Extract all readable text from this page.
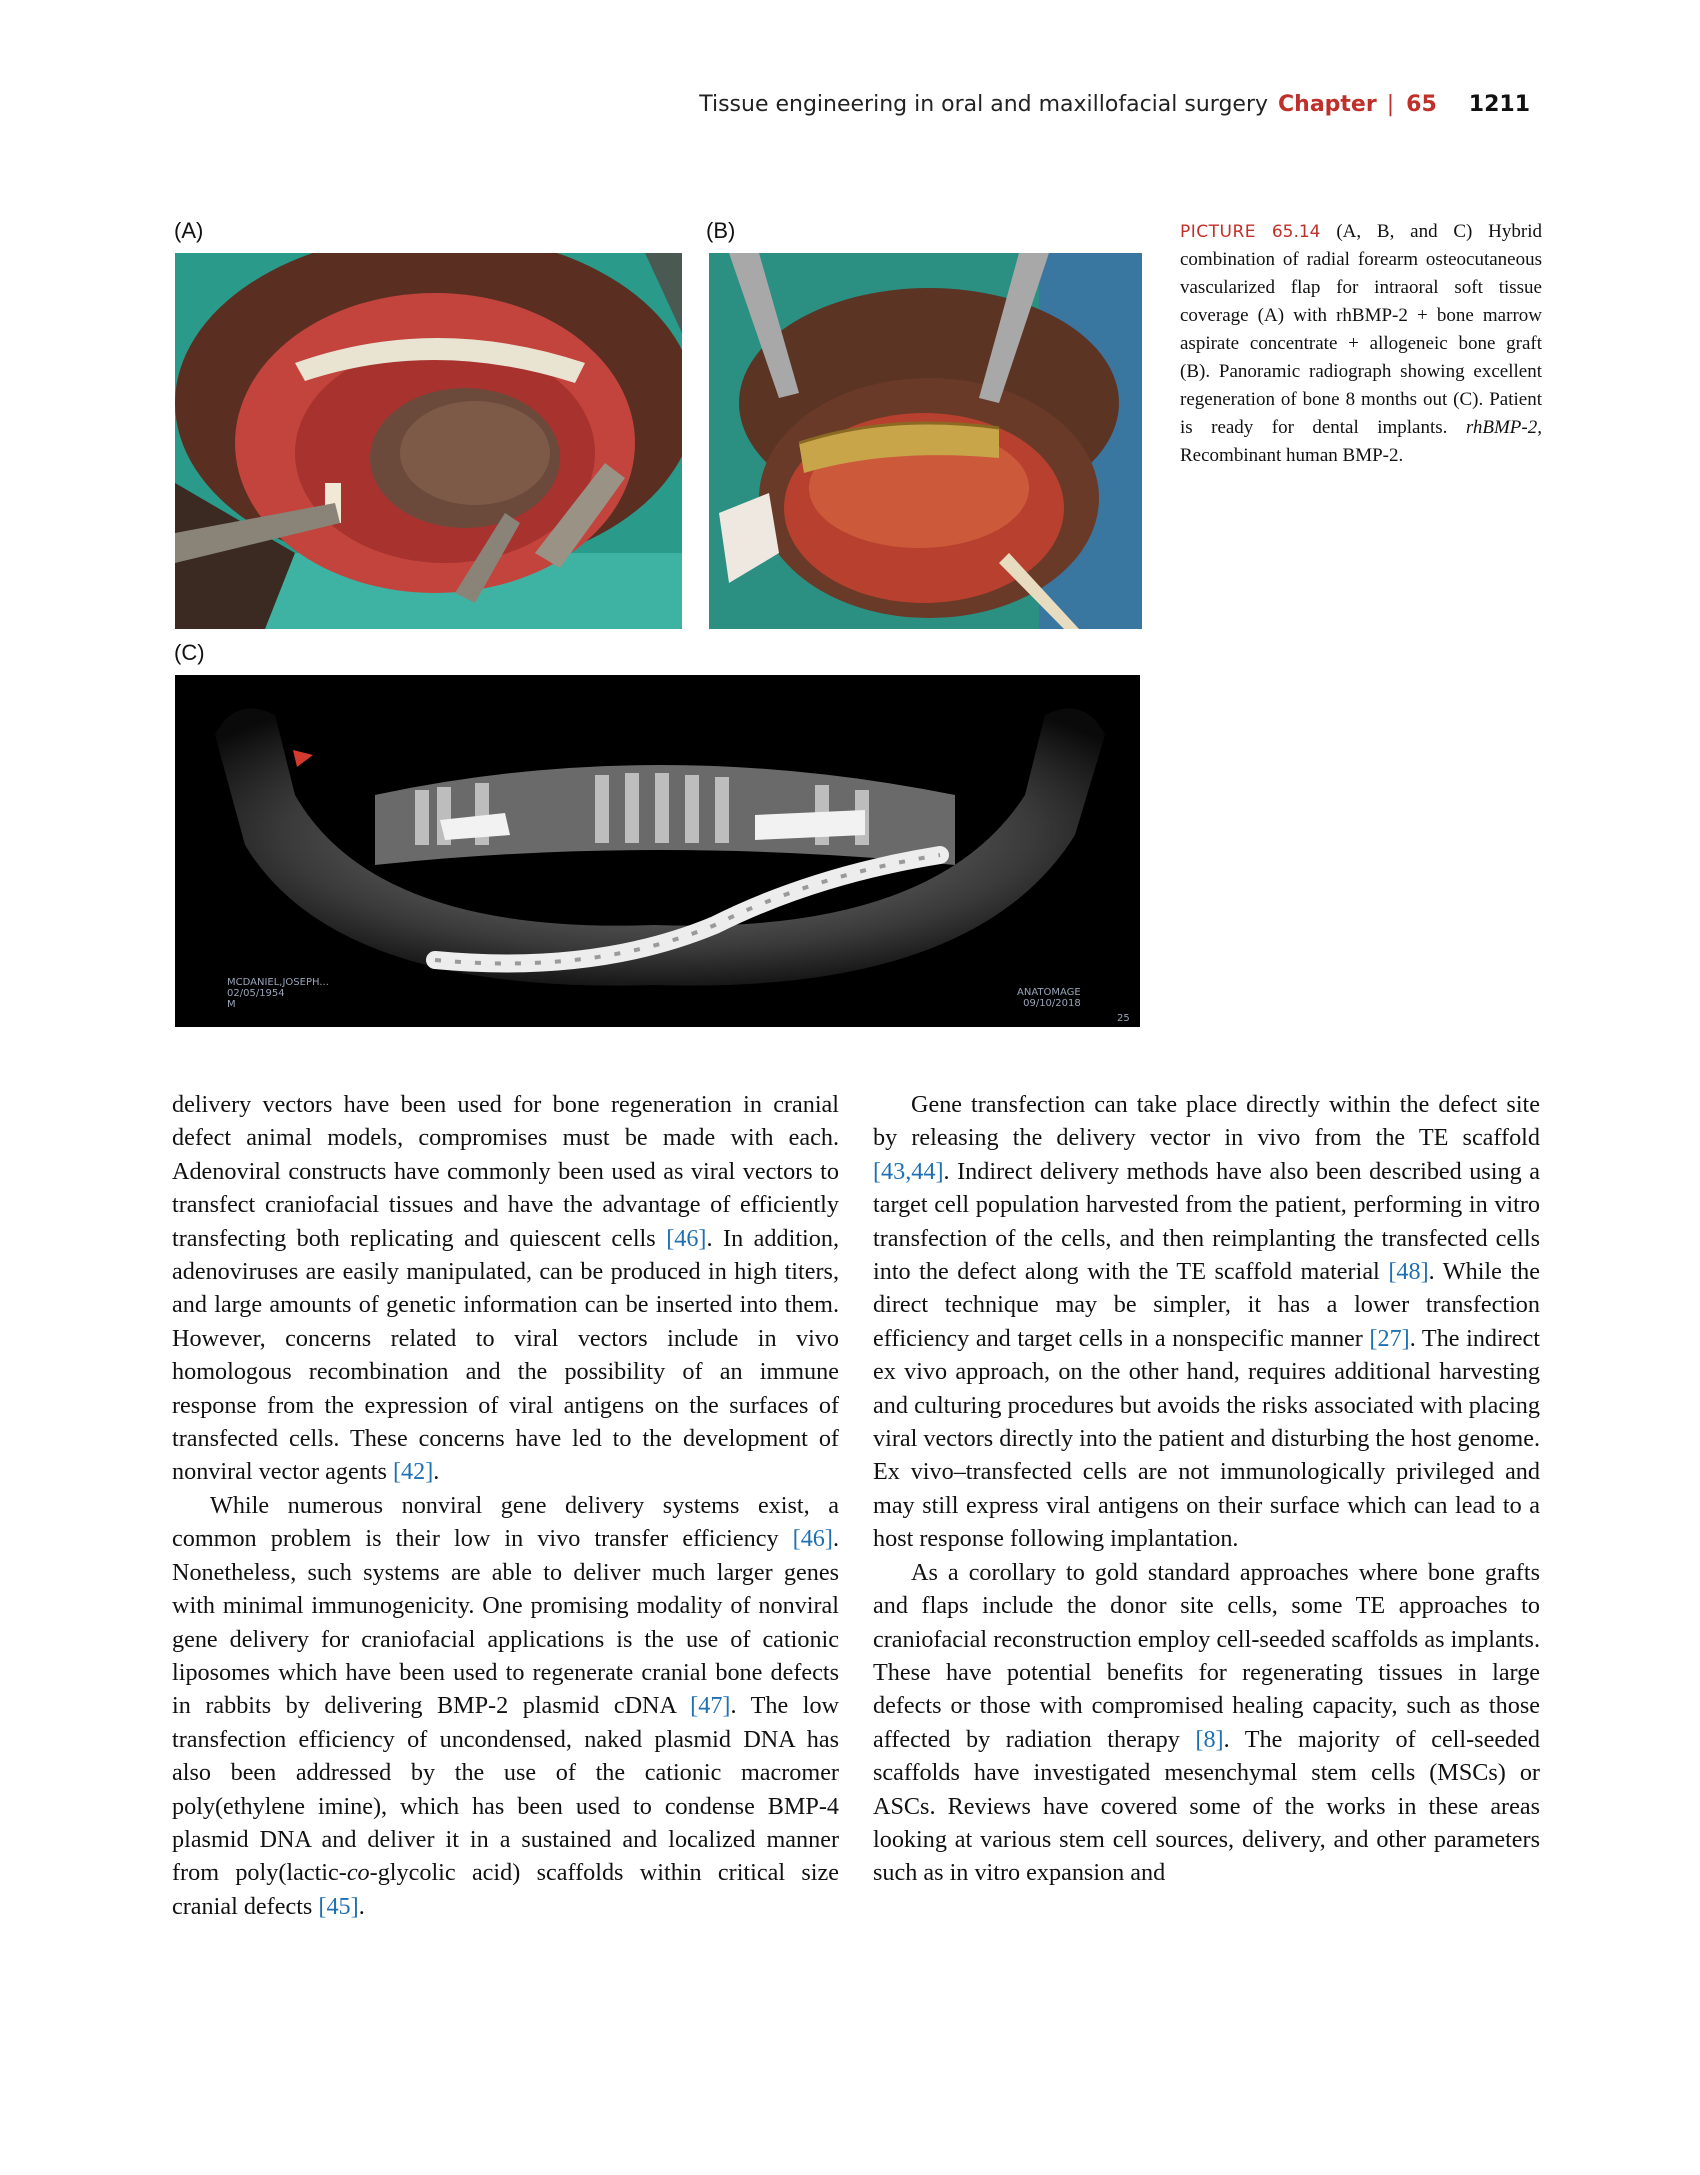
Tissue engineering in oral and maxillofacial surgery Chapter | 65 1211
(A)	(B)
(C)
MCDANIEL,JOSEPH...
02/05/1954
M
ANATOMAGE
09/10/2018
25
PICTURE 65.14 (A, B, and C) Hybrid combination of radial forearm osteocutaneous vascularized flap for intraoral soft tissue coverage (A) with rhBMP-2 + bone marrow aspirate concentrate + allogeneic bone graft (B). Panoramic radiograph showing excellent regeneration of bone 8 months out (C). Patient is ready for dental implants. rhBMP-2, Recombinant human BMP-2.

delivery vectors have been used for bone regeneration in cranial defect animal models, compromises must be made with each. Adenoviral constructs have commonly been used as viral vectors to transfect craniofacial tissues and have the advantage of efficiently transfecting both replicating and quiescent cells [46]. In addition, adenoviruses are easily manipulated, can be produced in high titers, and large amounts of genetic information can be inserted into them. However, concerns related to viral vectors include in vivo homologous recombination and the possibility of an immune response from the expression of viral antigens on the surfaces of transfected cells. These concerns have led to the development of nonviral vector agents [42].

While numerous nonviral gene delivery systems exist, a common problem is their low in vivo transfer efficiency [46]. Nonetheless, such systems are able to deliver much larger genes with minimal immunogenicity. One promising modality of nonviral gene delivery for craniofacial applications is the use of cationic liposomes which have been used to regenerate cranial bone defects in rabbits by delivering BMP-2 plasmid cDNA [47]. The low transfection efficiency of uncondensed, naked plasmid DNA has also been addressed by the use of the cationic macromer poly(ethylene imine), which has been used to condense BMP-4 plasmid DNA and deliver it in a sustained and localized manner from poly(lactic-co-glycolic acid) scaffolds within critical size cranial defects [45].

Gene transfection can take place directly within the defect site by releasing the delivery vector in vivo from the TE scaffold [43,44]. Indirect delivery methods have also been described using a target cell population harvested from the patient, performing in vitro transfection of the cells, and then reimplanting the transfected cells into the defect along with the TE scaffold material [48]. While the direct technique may be simpler, it has a lower transfection efficiency and target cells in a nonspecific manner [27]. The indirect ex vivo approach, on the other hand, requires additional harvesting and culturing procedures but avoids the risks associated with placing viral vectors directly into the patient and disturbing the host genome. Ex vivo–transfected cells are not immunologically privileged and may still express viral antigens on their surface which can lead to a host response following implantation.

As a corollary to gold standard approaches where bone grafts and flaps include the donor site cells, some TE approaches to craniofacial reconstruction employ cell-seeded scaffolds as implants. These have potential benefits for regenerating tissues in large defects or those with compromised healing capacity, such as those affected by radiation therapy [8]. The majority of cell-seeded scaffolds have investigated mesenchymal stem cells (MSCs) or ASCs. Reviews have covered some of the works in these areas looking at various stem cell sources, delivery, and other parameters such as in vitro expansion and
